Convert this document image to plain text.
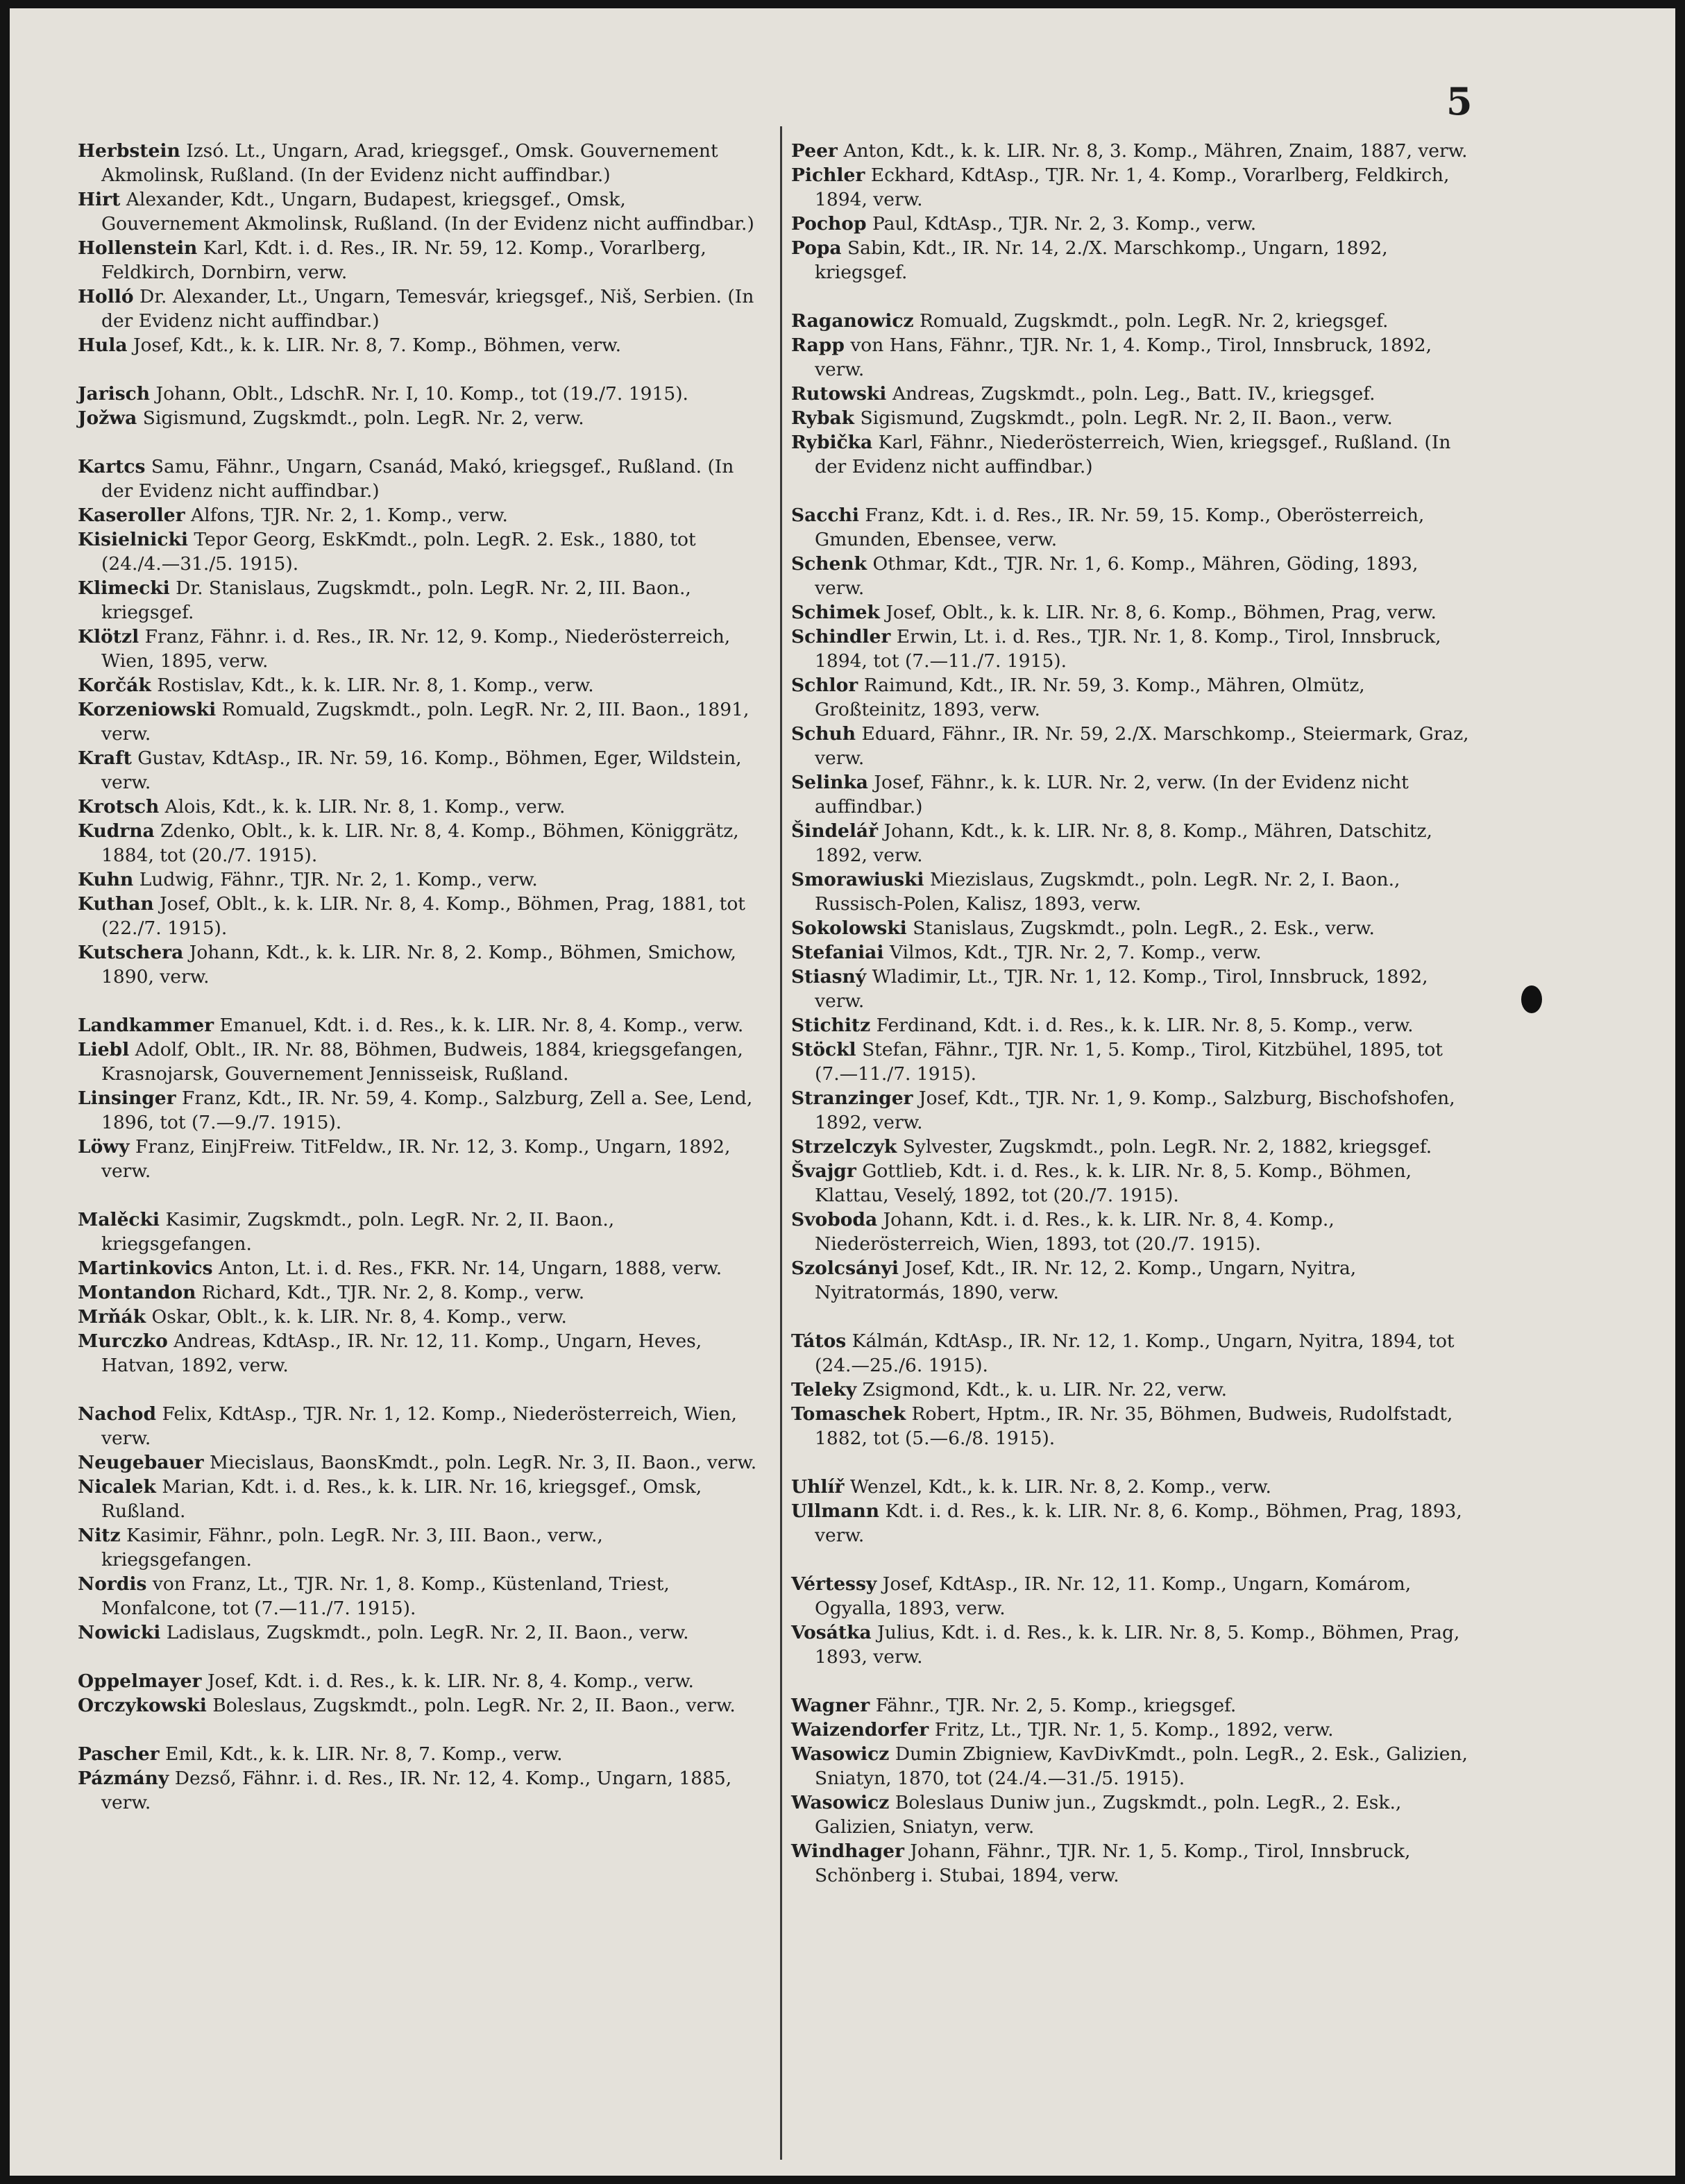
5

Herbstein Izsó. Lt., Ungarn, Arad, kriegsgef., Omsk. Gouvernement Akmolinsk, Rußland. (In der Evidenz nicht auffindbar.)

Hirt Alexander, Kdt., Ungarn, Budapest, kriegsgef., Omsk, Gouvernement Akmolinsk, Rußland. (In der Evidenz nicht auffindbar.)

Hollenstein Karl, Kdt. i. d. Res., IR. Nr. 59, 12. Komp., Vorarlberg, Feldkirch, Dornbirn, verw.

Holló Dr. Alexander, Lt., Ungarn, Temesvár, kriegsgef., Niš, Serbien. (In der Evidenz nicht auffindbar.)

Hula Josef, Kdt., k. k. LIR. Nr. 8, 7. Komp., Böhmen, verw.

Jarisch Johann, Oblt., LdschR. Nr. I, 10. Komp., tot (19./7. 1915).

Jožwa Sigismund, Zugskmdt., poln. LegR. Nr. 2, verw.

Kartcs Samu, Fähnr., Ungarn, Csanád, Makó, kriegsgef., Rußland. (In der Evidenz nicht auffindbar.)

Kaseroller Alfons, TJR. Nr. 2, 1. Komp., verw.

Kisielnicki Tepor Georg, EskKmdt., poln. LegR. 2. Esk., 1880, tot (24./4.—31./5. 1915).

Klimecki Dr. Stanislaus, Zugskmdt., poln. LegR. Nr. 2, III. Baon., kriegsgef.

Klötzl Franz, Fähnr. i. d. Res., IR. Nr. 12, 9. Komp., Niederösterreich, Wien, 1895, verw.

Korčák Rostislav, Kdt., k. k. LIR. Nr. 8, 1. Komp., verw.

Korzeniowski Romuald, Zugskmdt., poln. LegR. Nr. 2, III. Baon., 1891, verw.

Kraft Gustav, KdtAsp., IR. Nr. 59, 16. Komp., Böhmen, Eger, Wildstein, verw.

Krotsch Alois, Kdt., k. k. LIR. Nr. 8, 1. Komp., verw.

Kudrna Zdenko, Oblt., k. k. LIR. Nr. 8, 4. Komp., Böhmen, Königgrätz, 1884, tot (20./7. 1915).

Kuhn Ludwig, Fähnr., TJR. Nr. 2, 1. Komp., verw.

Kuthan Josef, Oblt., k. k. LIR. Nr. 8, 4. Komp., Böhmen, Prag, 1881, tot (22./7. 1915).

Kutschera Johann, Kdt., k. k. LIR. Nr. 8, 2. Komp., Böhmen, Smichow, 1890, verw.

Landkammer Emanuel, Kdt. i. d. Res., k. k. LIR. Nr. 8, 4. Komp., verw.

Liebl Adolf, Oblt., IR. Nr. 88, Böhmen, Budweis, 1884, kriegsgefangen, Krasnojarsk, Gouvernement Jennisseisk, Rußland.

Linsinger Franz, Kdt., IR. Nr. 59, 4. Komp., Salzburg, Zell a. See, Lend, 1896, tot (7.—9./7. 1915).

Löwy Franz, EinjFreiw. TitFeldw., IR. Nr. 12, 3. Komp., Ungarn, 1892, verw.

Malěcki Kasimir, Zugskmdt., poln. LegR. Nr. 2, II. Baon., kriegsgefangen.

Martinkovics Anton, Lt. i. d. Res., FKR. Nr. 14, Ungarn, 1888, verw.

Montandon Richard, Kdt., TJR. Nr. 2, 8. Komp., verw.

Mrňák Oskar, Oblt., k. k. LIR. Nr. 8, 4. Komp., verw.

Murczko Andreas, KdtAsp., IR. Nr. 12, 11. Komp., Ungarn, Heves, Hatvan, 1892, verw.

Nachod Felix, KdtAsp., TJR. Nr. 1, 12. Komp., Niederösterreich, Wien, verw.

Neugebauer Miecislaus, BaonsKmdt., poln. LegR. Nr. 3, II. Baon., verw.

Nicalek Marian, Kdt. i. d. Res., k. k. LIR. Nr. 16, kriegsgef., Omsk, Rußland.

Nitz Kasimir, Fähnr., poln. LegR. Nr. 3, III. Baon., verw., kriegsgefangen.

Nordis von Franz, Lt., TJR. Nr. 1, 8. Komp., Küstenland, Triest, Monfalcone, tot (7.—11./7. 1915).

Nowicki Ladislaus, Zugskmdt., poln. LegR. Nr. 2, II. Baon., verw.

Oppelmayer Josef, Kdt. i. d. Res., k. k. LIR. Nr. 8, 4. Komp., verw.

Orczykowski Boleslaus, Zugskmdt., poln. LegR. Nr. 2, II. Baon., verw.

Pascher Emil, Kdt., k. k. LIR. Nr. 8, 7. Komp., verw.

Pázmány Dezső, Fähnr. i. d. Res., IR. Nr. 12, 4. Komp., Ungarn, 1885, verw.

Peer Anton, Kdt., k. k. LIR. Nr. 8, 3. Komp., Mähren, Znaim, 1887, verw.

Pichler Eckhard, KdtAsp., TJR. Nr. 1, 4. Komp., Vorarlberg, Feldkirch, 1894, verw.

Pochop Paul, KdtAsp., TJR. Nr. 2, 3. Komp., verw.

Popa Sabin, Kdt., IR. Nr. 14, 2./X. Marschkomp., Ungarn, 1892, kriegsgef.

Raganowicz Romuald, Zugskmdt., poln. LegR. Nr. 2, kriegsgef.

Rapp von Hans, Fähnr., TJR. Nr. 1, 4. Komp., Tirol, Innsbruck, 1892, verw.

Rutowski Andreas, Zugskmdt., poln. Leg., Batt. IV., kriegsgef.

Rybak Sigismund, Zugskmdt., poln. LegR. Nr. 2, II. Baon., verw.

Rybička Karl, Fähnr., Niederösterreich, Wien, kriegsgef., Rußland. (In der Evidenz nicht auffindbar.)

Sacchi Franz, Kdt. i. d. Res., IR. Nr. 59, 15. Komp., Oberösterreich, Gmunden, Ebensee, verw.

Schenk Othmar, Kdt., TJR. Nr. 1, 6. Komp., Mähren, Göding, 1893, verw.

Schimek Josef, Oblt., k. k. LIR. Nr. 8, 6. Komp., Böhmen, Prag, verw.

Schindler Erwin, Lt. i. d. Res., TJR. Nr. 1, 8. Komp., Tirol, Innsbruck, 1894, tot (7.—11./7. 1915).

Schlor Raimund, Kdt., IR. Nr. 59, 3. Komp., Mähren, Olmütz, Großteinitz, 1893, verw.

Schuh Eduard, Fähnr., IR. Nr. 59, 2./X. Marschkomp., Steiermark, Graz, verw.

Selinka Josef, Fähnr., k. k. LUR. Nr. 2, verw. (In der Evidenz nicht auffindbar.)

Šindelář Johann, Kdt., k. k. LIR. Nr. 8, 8. Komp., Mähren, Datschitz, 1892, verw.

Smorawiuski Miezislaus, Zugskmdt., poln. LegR. Nr. 2, I. Baon., Russisch-Polen, Kalisz, 1893, verw.

Sokolowski Stanislaus, Zugskmdt., poln. LegR., 2. Esk., verw.

Stefaniai Vilmos, Kdt., TJR. Nr. 2, 7. Komp., verw.

Stiasný Wladimir, Lt., TJR. Nr. 1, 12. Komp., Tirol, Innsbruck, 1892, verw.

Stichitz Ferdinand, Kdt. i. d. Res., k. k. LIR. Nr. 8, 5. Komp., verw.

Stöckl Stefan, Fähnr., TJR. Nr. 1, 5. Komp., Tirol, Kitzbühel, 1895, tot (7.—11./7. 1915).

Stranzinger Josef, Kdt., TJR. Nr. 1, 9. Komp., Salzburg, Bischofshofen, 1892, verw.

Strzelczyk Sylvester, Zugskmdt., poln. LegR. Nr. 2, 1882, kriegsgef.

Švajgr Gottlieb, Kdt. i. d. Res., k. k. LIR. Nr. 8, 5. Komp., Böhmen, Klattau, Veselý, 1892, tot (20./7. 1915).

Svoboda Johann, Kdt. i. d. Res., k. k. LIR. Nr. 8, 4. Komp., Niederösterreich, Wien, 1893, tot (20./7. 1915).

Szolcsányi Josef, Kdt., IR. Nr. 12, 2. Komp., Ungarn, Nyitra, Nyitratormás, 1890, verw.

Tátos Kálmán, KdtAsp., IR. Nr. 12, 1. Komp., Ungarn, Nyitra, 1894, tot (24.—25./6. 1915).

Teleky Zsigmond, Kdt., k. u. LIR. Nr. 22, verw.

Tomaschek Robert, Hptm., IR. Nr. 35, Böhmen, Budweis, Rudolfstadt, 1882, tot (5.—6./8. 1915).

Uhlíř Wenzel, Kdt., k. k. LIR. Nr. 8, 2. Komp., verw.

Ullmann Kdt. i. d. Res., k. k. LIR. Nr. 8, 6. Komp., Böhmen, Prag, 1893, verw.

Vértessy Josef, KdtAsp., IR. Nr. 12, 11. Komp., Ungarn, Komárom, Ogyalla, 1893, verw.

Vosátka Julius, Kdt. i. d. Res., k. k. LIR. Nr. 8, 5. Komp., Böhmen, Prag, 1893, verw.

Wagner Fähnr., TJR. Nr. 2, 5. Komp., kriegsgef.

Waizendorfer Fritz, Lt., TJR. Nr. 1, 5. Komp., 1892, verw.

Wasowicz Dumin Zbigniew, KavDivKmdt., poln. LegR., 2. Esk., Galizien, Sniatyn, 1870, tot (24./4.—31./5. 1915).

Wasowicz Boleslaus Duniw jun., Zugskmdt., poln. LegR., 2. Esk., Galizien, Sniatyn, verw.

Windhager Johann, Fähnr., TJR. Nr. 1, 5. Komp., Tirol, Innsbruck, Schönberg i. Stubai, 1894, verw.
